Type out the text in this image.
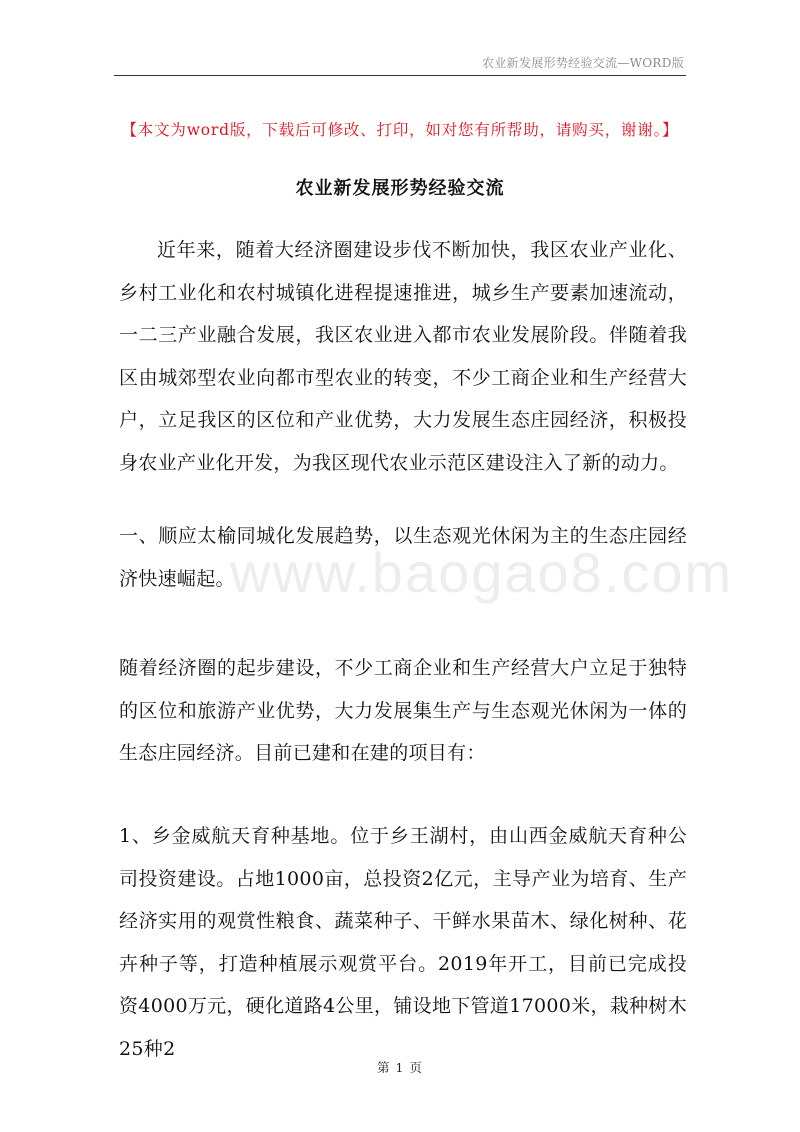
农业新发展形势经验交流—WORD版
【本文为word版，下载后可修改、打印，如对您有所帮助，请购买，谢谢。】
农业新发展形势经验交流
www.baogao8.com
近年来，随着大经济圈建设步伐不断加快，我区农业产业化、乡村工业化和农村城镇化进程提速推进，城乡生产要素加速流动，一二三产业融合发展，我区农业进入都市农业发展阶段。伴随着我区由城郊型农业向都市型农业的转变，不少工商企业和生产经营大户，立足我区的区位和产业优势，大力发展生态庄园经济，积极投身农业产业化开发，为我区现代农业示范区建设注入了新的动力。
一、顺应太榆同城化发展趋势，以生态观光休闲为主的生态庄园经济快速崛起。
随着经济圈的起步建设，不少工商企业和生产经营大户立足于独特的区位和旅游产业优势，大力发展集生产与生态观光休闲为一体的生态庄园经济。目前已建和在建的项目有：
1、乡金威航天育种基地。位于乡王湖村，由山西金威航天育种公司投资建设。占地1000亩，总投资2亿元，主导产业为培育、生产经济实用的观赏性粮食、蔬菜种子、干鲜水果苗木、绿化树种、花卉种子等，打造种植展示观赏平台。2019年开工，目前已完成投资4000万元，硬化道路4公里，铺设地下管道17000米，栽种树木25种2
第 1 页
